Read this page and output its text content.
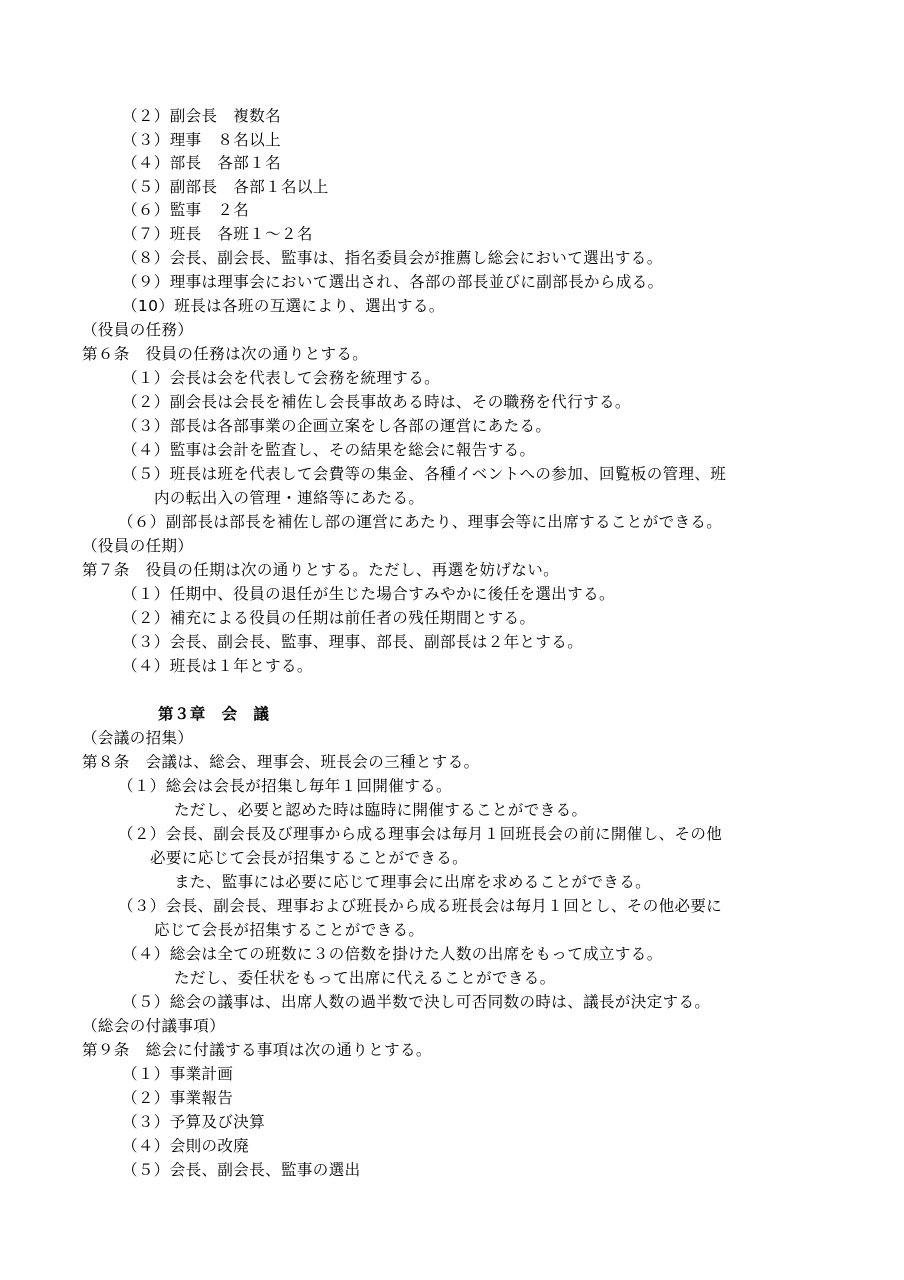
（２）副会長　複数名
（３）理事　８名以上
（４）部長　各部１名
（５）副部長　各部１名以上
（６）監事　２名
（７）班長　各班１～２名
（８）会長、副会長、監事は、指名委員会が推薦し総会において選出する。
（９）理事は理事会において選出され、各部の部長並びに副部長から成る。
（10）班長は各班の互選により、選出する。
（役員の任務）
第６条　役員の任務は次の通りとする。
（１）会長は会を代表して会務を統理する。
（２）副会長は会長を補佐し会長事故ある時は、その職務を代行する。
（３）部長は各部事業の企画立案をし各部の運営にあたる。
（４）監事は会計を監査し、その結果を総会に報告する。
（５）班長は班を代表して会費等の集金、各種イベントへの参加、回覧板の管理、班
内の転出入の管理・連絡等にあたる。
（６）副部長は部長を補佐し部の運営にあたり、理事会等に出席することができる。
（役員の任期）
第７条　役員の任期は次の通りとする。ただし、再選を妨げない。
（１）任期中、役員の退任が生じた場合すみやかに後任を選出する。
（２）補充による役員の任期は前任者の残任期間とする。
（３）会長、副会長、監事、理事、部長、副部長は２年とする。
（４）班長は１年とする。
第３章　会　議
（会議の招集）
第８条　会議は、総会、理事会、班長会の三種とする。
（１）総会は会長が招集し毎年１回開催する。
ただし、必要と認めた時は臨時に開催することができる。
（２）会長、副会長及び理事から成る理事会は毎月１回班長会の前に開催し、その他
必要に応じて会長が招集することができる。
また、監事には必要に応じて理事会に出席を求めることができる。
（３）会長、副会長、理事および班長から成る班長会は毎月１回とし、その他必要に
応じて会長が招集することができる。
（４）総会は全ての班数に３の倍数を掛けた人数の出席をもって成立する。
ただし、委任状をもって出席に代えることができる。
（５）総会の議事は、出席人数の過半数で決し可否同数の時は、議長が決定する。
（総会の付議事項）
第９条　総会に付議する事項は次の通りとする。
（１）事業計画
（２）事業報告
（３）予算及び決算
（４）会則の改廃
（５）会長、副会長、監事の選出
